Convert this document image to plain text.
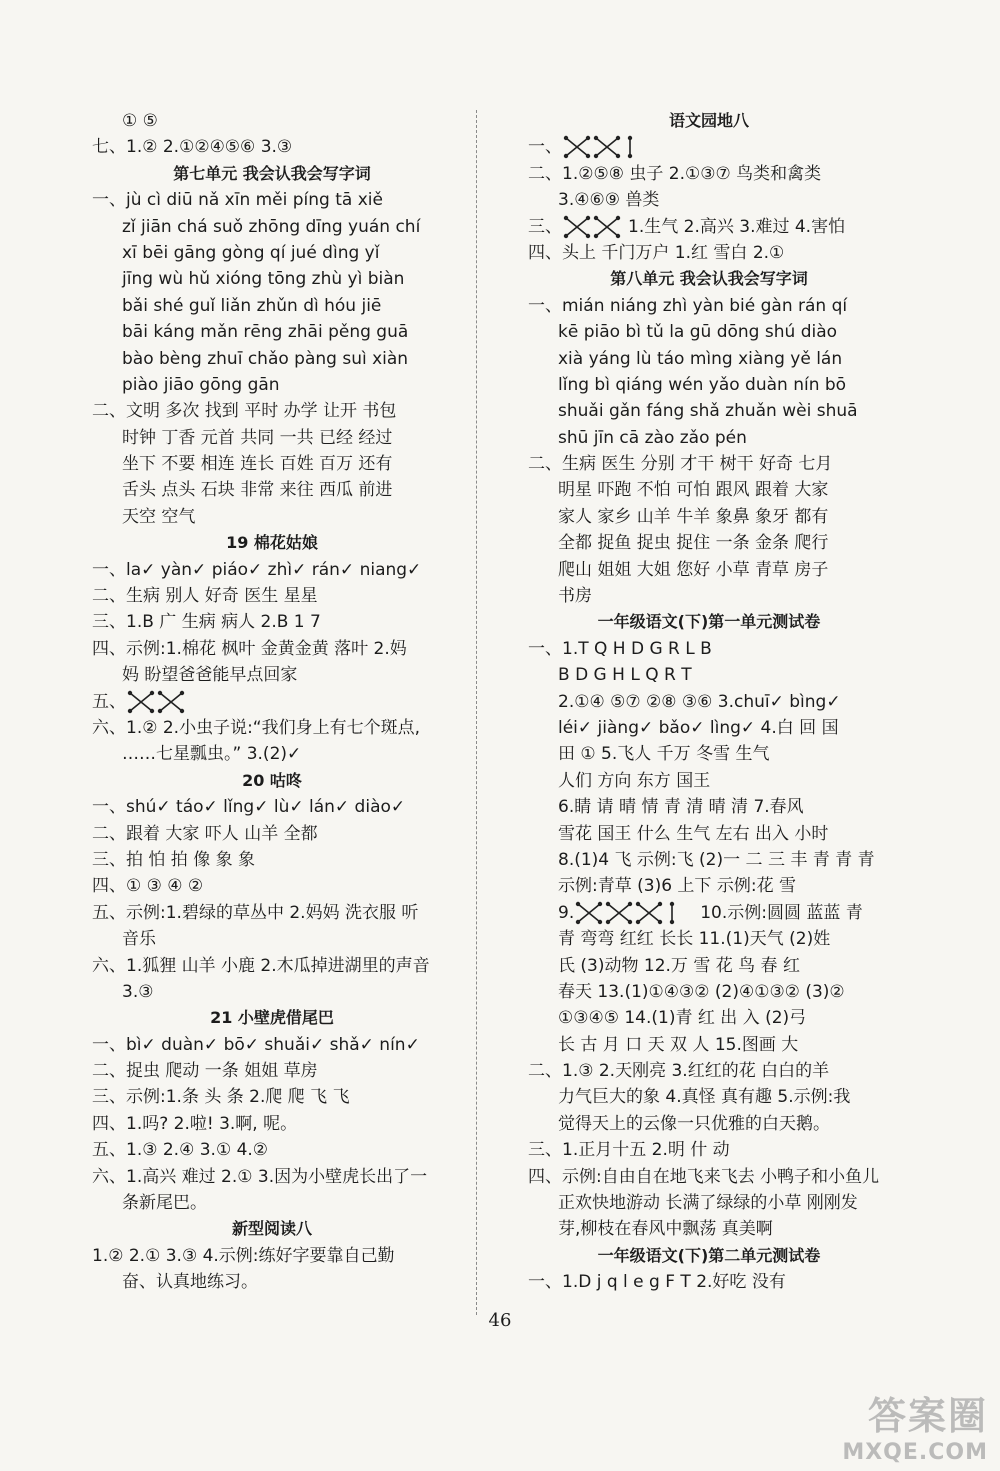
① ⑤
七、1.② 2.①②④⑤⑥ 3.③
第七单元 我会认我会写字词
一、jù cì diū nǎ xīn měi píng tā xiě
zǐ jiān chá suǒ zhōng dīng yuán chí
xī bēi gāng gòng qí jué dìng yǐ
jīng wù hǔ xióng tōng zhù yì biàn
bǎi shé guǐ liǎn zhǔn dì hóu jiē
bāi káng mǎn rēng zhāi pěng guā
bào bèng zhuī chǎo pàng suì xiàn
piào jiāo gōng gān
二、文明 多次 找到 平时 办学 让开 书包
时钟 丁香 元首 共同 一共 已经 经过
坐下 不要 相连 连长 百姓 百万 还有
舌头 点头 石块 非常 来往 西瓜 前进
天空 空气
19 棉花姑娘
一、la✓ yàn✓ piáo✓ zhì✓ rán✓ niang✓
二、生病 别人 好奇 医生 星星
三、1.B 广 生病 病人 2.B 1 7
四、示例:1.棉花 枫叶 金黄金黄 落叶 2.妈
妈 盼望爸爸能早点回家
五、
六、1.② 2.小虫子说:“我们身上有七个斑点,
……七星瓢虫。” 3.(2)✓
20 咕咚
一、shú✓ táo✓ lǐng✓ lù✓ lán✓ diào✓
二、跟着 大家 吓人 山羊 全都
三、拍 怕 拍 像 象 象
四、① ③ ④ ②
五、示例:1.碧绿的草丛中 2.妈妈 洗衣服 听
音乐
六、1.狐狸 山羊 小鹿 2.木瓜掉进湖里的声音
3.③
21 小壁虎借尾巴
一、bì✓ duàn✓ bō✓ shuǎi✓ shǎ✓ nín✓
二、捉虫 爬动 一条 姐姐 草房
三、示例:1.条 头 条 2.爬 爬 飞 飞
四、1.吗? 2.啦! 3.啊, 呢。
五、1.③ 2.④ 3.① 4.②
六、1.高兴 难过 2.① 3.因为小壁虎长出了一
条新尾巴。
新型阅读八
1.② 2.① 3.③ 4.示例:练好字要靠自己勤
奋、认真地练习。
语文园地八
一、
二、1.②⑤⑧ 虫子 2.①③⑦ 鸟类和禽类
3.④⑥⑨ 兽类
三、	1.生气 2.高兴 3.难过 4.害怕
四、头上 千门万户 1.红 雪白 2.①
第八单元 我会认我会写字词
一、mián niáng zhì yàn bié gàn rán qí
kē piāo bì tǔ la gū dōng shú diào
xià yáng lù táo mìng xiàng yě lán
lǐng bì qiáng wén yǎo duàn nín bō
shuǎi gǎn fáng shǎ zhuǎn wèi shuā
shū jīn cā zào zǎo pén
二、生病 医生 分别 才干 树干 好奇 七月
明星 吓跑 不怕 可怕 跟风 跟着 大家
家人 家乡 山羊 牛羊 象鼻 象牙 都有
全都 捉鱼 捉虫 捉住 一条 金条 爬行
爬山 姐姐 大姐 您好 小草 青草 房子
书房
一年级语文(下)第一单元测试卷
一、1.T Q H D G R L B
B D G H L Q R T
2.①④ ⑤⑦ ②⑧ ③⑥ 3.chuī✓ bìng✓
léi✓ jiàng✓ bǎo✓ lìng✓ 4.白 回 国
田 ① 5.飞人 千万 冬雪 生气
人们 方向 东方 国王
6.睛 请 晴 情 青 清 晴 清 7.春风
雪花 国王 什么 生气 左右 出入 小时
8.(1)4 飞 示例:飞 (2)一 二 三 丰 青 青 青
示例:青草 (3)6 上下 示例:花 雪
9.	10.示例:圆圆 蓝蓝 青
青 弯弯 红红 长长 11.(1)天气 (2)姓
氏 (3)动物 12.万 雪 花 鸟 春 红
春天 13.(1)①④③② (2)④①③② (3)②
①③④⑤ 14.(1)青 红 出 入 (2)弓
长 古 月 口 天 双 人 15.图画 大
二、1.③ 2.天刚亮 3.红红的花 白白的羊
力气巨大的象 4.真怪 真有趣 5.示例:我
觉得天上的云像一只优雅的白天鹅。
三、1.正月十五 2.明 什 动
四、示例:自由自在地飞来飞去 小鸭子和小鱼儿
正欢快地游动 长满了绿绿的小草 刚刚发
芽,柳枝在春风中飘荡 真美啊
一年级语文(下)第二单元测试卷
一、1.D j q l e g F T 2.好吃 没有
46
答案圈
MXQE.COM
